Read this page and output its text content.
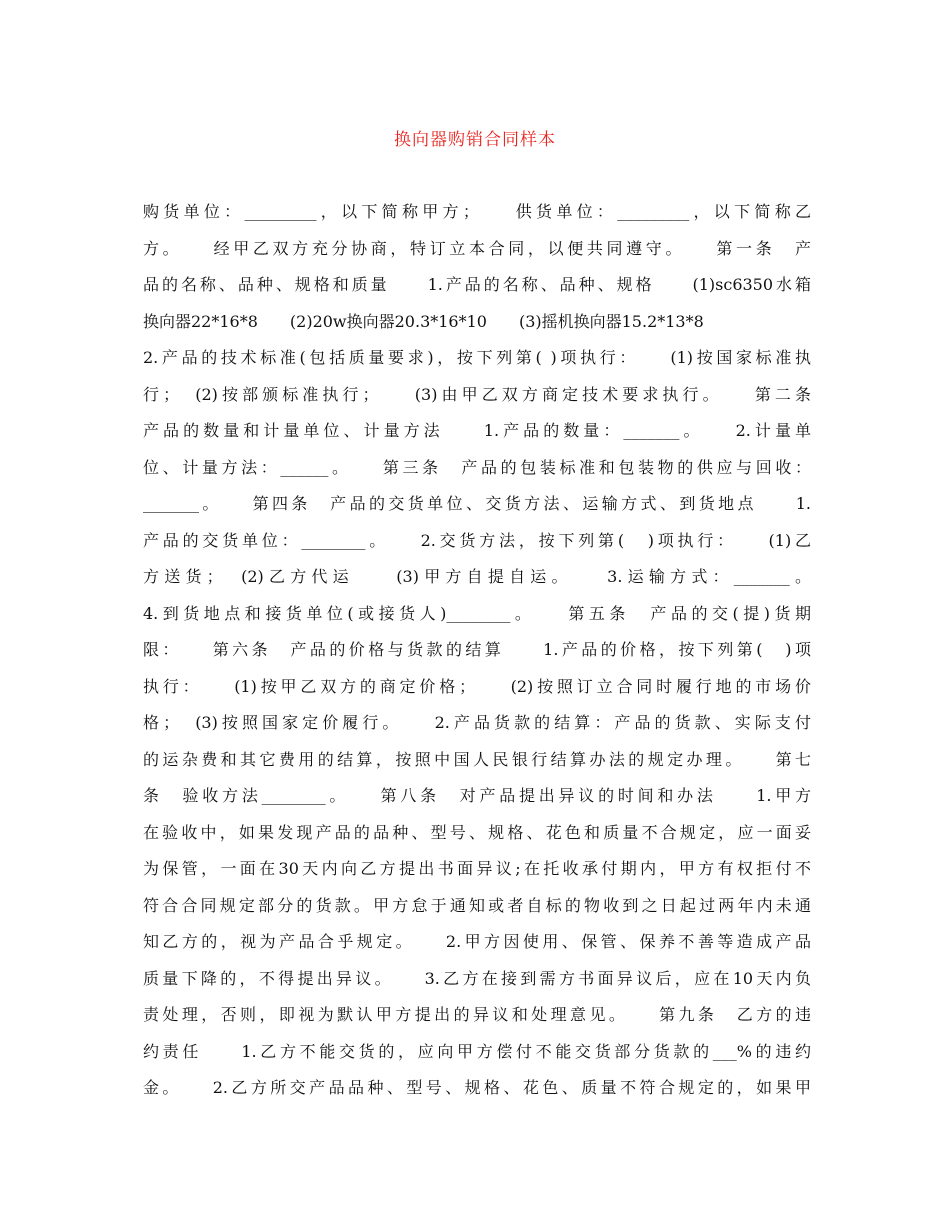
换向器购销合同样本
购货单位：_________，以下简称甲方；　　供货单位：_________，以下简称乙
方。　　经甲乙双方充分协商，特订立本合同，以便共同遵守。　　第一条　产
品的名称、品种、规格和质量　　1.产品的名称、品种、规格　　(1)sc6350水箱
换向器22*16*8　　(2)20w换向器20.3*16*10　　(3)摇机换向器15.2*13*8
2.产品的技术标准(包括质量要求)，按下列第( )项执行：　　(1)按国家标准执
行；　(2)按部颁标准执行；　　(3)由甲乙双方商定技术要求执行。　　第二条
产品的数量和计量单位、计量方法　　1.产品的数量：_______。　　2.计量单
位、计量方法：______。　　第三条　产品的包装标准和包装物的供应与回收：
_______。　　第四条　产品的交货单位、交货方法、运输方式、到货地点　　1.
产品的交货单位：________。　　2.交货方法，按下列第(　)项执行：　　(1)乙
方送货；　(2)乙方代运　　(3)甲方自提自运。　　3.运输方式：_______。
4.到货地点和接货单位(或接货人)________。　　第五条　产品的交(提)货期
限：　　第六条　产品的价格与货款的结算　　1.产品的价格，按下列第(　)项
执行：　　(1)按甲乙双方的商定价格；　　(2)按照订立合同时履行地的市场价
格；　(3)按照国家定价履行。　　2.产品货款的结算：产品的货款、实际支付
的运杂费和其它费用的结算，按照中国人民银行结算办法的规定办理。　　第七
条　验收方法________。　　第八条　对产品提出异议的时间和办法　　1.甲方
在验收中，如果发现产品的品种、型号、规格、花色和质量不合规定，应一面妥
为保管，一面在30天内向乙方提出书面异议;在托收承付期内，甲方有权拒付不
符合合同规定部分的货款。甲方怠于通知或者自标的物收到之日起过两年内未通
知乙方的，视为产品合乎规定。　　2.甲方因使用、保管、保养不善等造成产品
质量下降的，不得提出异议。　　3.乙方在接到需方书面异议后，应在10天内负
责处理，否则，即视为默认甲方提出的异议和处理意见。　　第九条　乙方的违
约责任　　1.乙方不能交货的，应向甲方偿付不能交货部分货款的___%的违约
金。　　2.乙方所交产品品种、型号、规格、花色、质量不符合规定的，如果甲
